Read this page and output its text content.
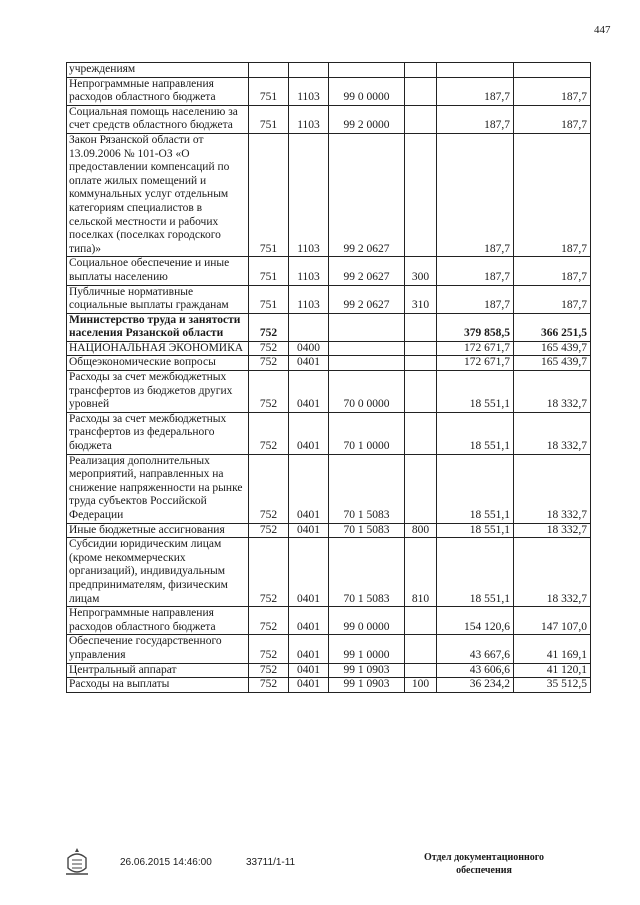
447
учреждениям						
Непрограммные направления расходов областного бюджета	751	1103	99 0 0000		187,7	187,7
Социальная помощь населению за счет средств областного бюджета	751	1103	99 2 0000		187,7	187,7
Закон Рязанской области от 13.09.2006 № 101-ОЗ «О предоставлении компенсаций по оплате жилых помещений и коммунальных услуг отдельным категориям специалистов в сельской местности и рабочих поселках (поселках городского типа)»	751	1103	99 2 0627		187,7	187,7
Социальное обеспечение и иные выплаты населению	751	1103	99 2 0627	300	187,7	187,7
Публичные нормативные социальные выплаты гражданам	751	1103	99 2 0627	310	187,7	187,7
Министерство труда и занятости населения Рязанской области	752				379 858,5	366 251,5
НАЦИОНАЛЬНАЯ ЭКОНОМИКА	752	0400			172 671,7	165 439,7
Общеэкономические вопросы	752	0401			172 671,7	165 439,7
Расходы за счет межбюджетных трансфертов из бюджетов других уровней	752	0401	70 0 0000		18 551,1	18 332,7
Расходы за счет межбюджетных трансфертов из федерального бюджета	752	0401	70 1 0000		18 551,1	18 332,7
Реализация дополнительных мероприятий, направленных на снижение напряженности на рынке труда субъектов Российской Федерации	752	0401	70 1 5083		18 551,1	18 332,7
Иные бюджетные ассигнования	752	0401	70 1 5083	800	18 551,1	18 332,7
Субсидии юридическим лицам (кроме некоммерческих организаций), индивидуальным предпринимателям, физическим лицам	752	0401	70 1 5083	810	18 551,1	18 332,7
Непрограммные направления расходов областного бюджета	752	0401	99 0 0000		154 120,6	147 107,0
Обеспечение государственного управления	752	0401	99 1 0000		43 667,6	41 169,1
Центральный аппарат	752	0401	99 1 0903		43 606,6	41 120,1
Расходы на выплаты	752	0401	99 1 0903	100	36 234,2	35 512,5
26.06.2015 14:46:00	33711/1-11	Отдел документационного обеспечения
